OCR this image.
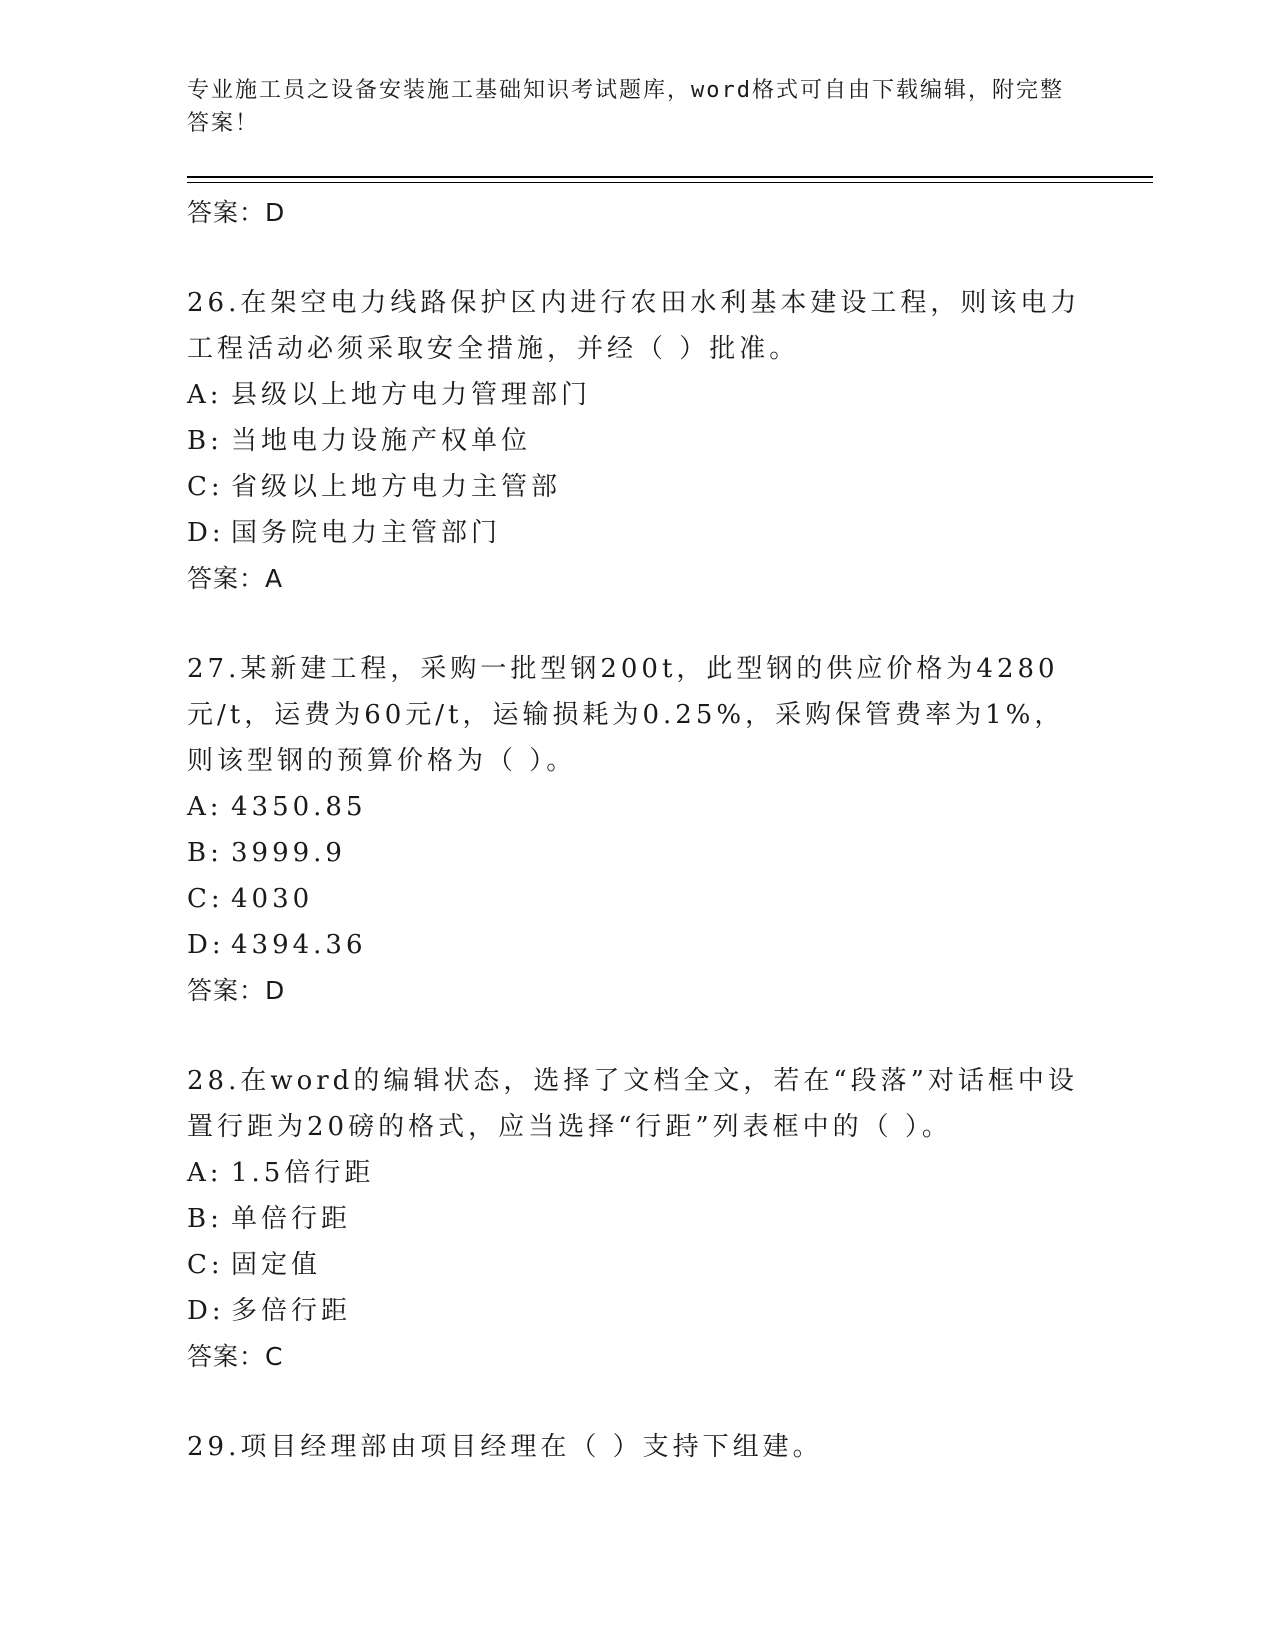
专业施工员之设备安装施工基础知识考试题库，word格式可自由下载编辑，附完整答案！
答案：D
26.在架空电力线路保护区内进行农田水利基本建设工程，则该电力工程活动必须采取安全措施，并经（ ）批准。
A: 县级以上地方电力管理部门
B: 当地电力设施产权单位
C: 省级以上地方电力主管部
D: 国务院电力主管部门
答案：A
27.某新建工程，采购一批型钢200t，此型钢的供应价格为4280元/t，运费为60元/t，运输损耗为0.25%，采购保管费率为1%，则该型钢的预算价格为（ ）。
A: 4350.85
B: 3999.9
C: 4030
D: 4394.36
答案：D
28.在word的编辑状态，选择了文档全文，若在“段落”对话框中设置行距为20磅的格式，应当选择“行距”列表框中的（ ）。
A: 1.5倍行距
B: 单倍行距
C: 固定值
D: 多倍行距
答案：C
29.项目经理部由项目经理在（ ）支持下组建。
